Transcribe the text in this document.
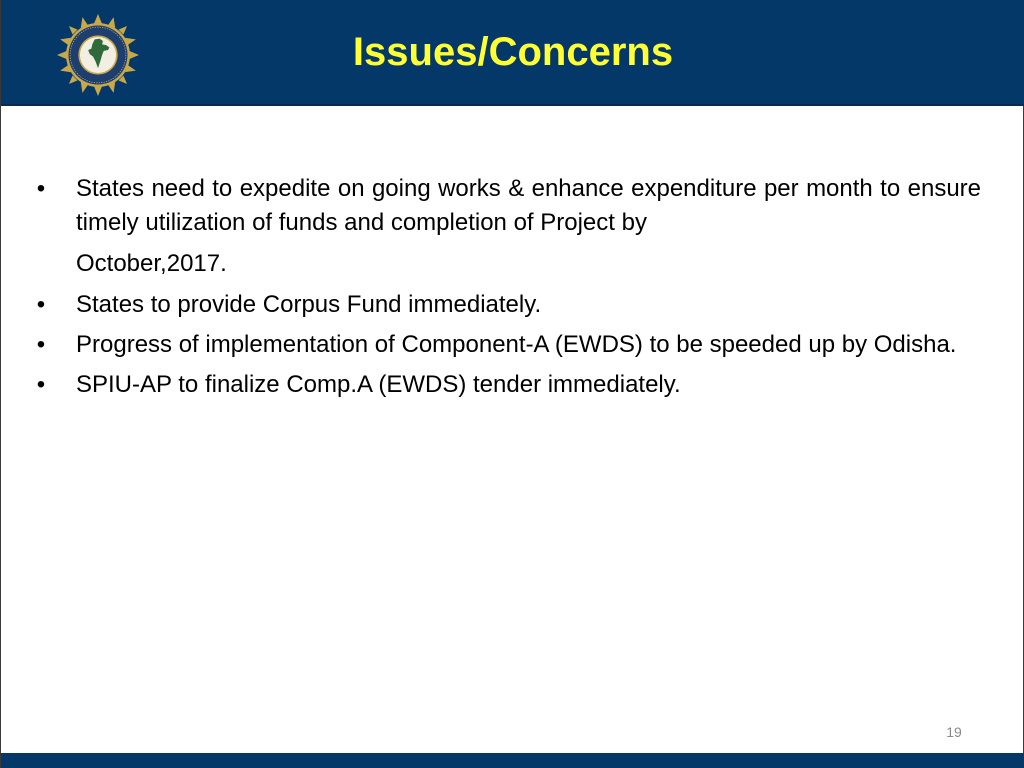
Issues/Concerns
• States need to expedite on going works & enhance expenditure per month to ensure timely utilization of funds and completion of Project by
October,2017.
• States to provide Corpus Fund immediately.
• Progress of implementation of Component-A (EWDS) to be speeded up by Odisha.
• SPIU-AP to finalize Comp.A (EWDS) tender immediately.
19
